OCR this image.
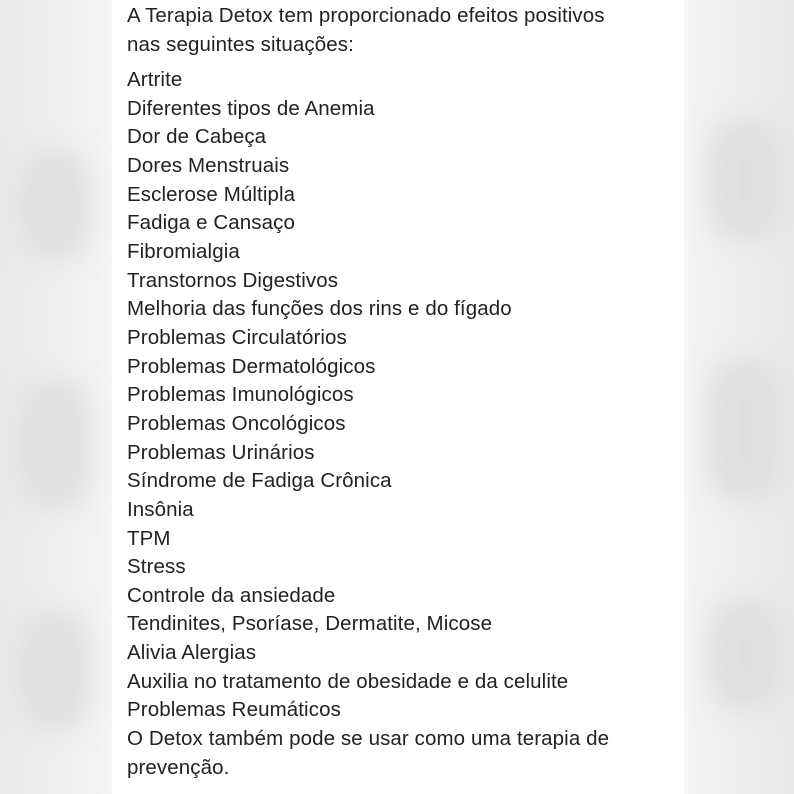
A Terapia Detox tem proporcionado efeitos positivos
nas seguintes situações:
Artrite
Diferentes tipos de Anemia
Dor de Cabeça
Dores Menstruais
Esclerose Múltipla
Fadiga e Cansaço
Fibromialgia
Transtornos Digestivos
Melhoria das funções dos rins e do fígado
Problemas Circulatórios
Problemas Dermatológicos
Problemas Imunológicos
Problemas Oncológicos
Problemas Urinários
Síndrome de Fadiga Crônica
Insônia
TPM
Stress
Controle da ansiedade
Tendinites, Psoríase, Dermatite, Micose
Alivia Alergias
Auxilia no tratamento de obesidade e da celulite
Problemas Reumáticos
O Detox também pode se usar como uma terapia de
prevenção.
